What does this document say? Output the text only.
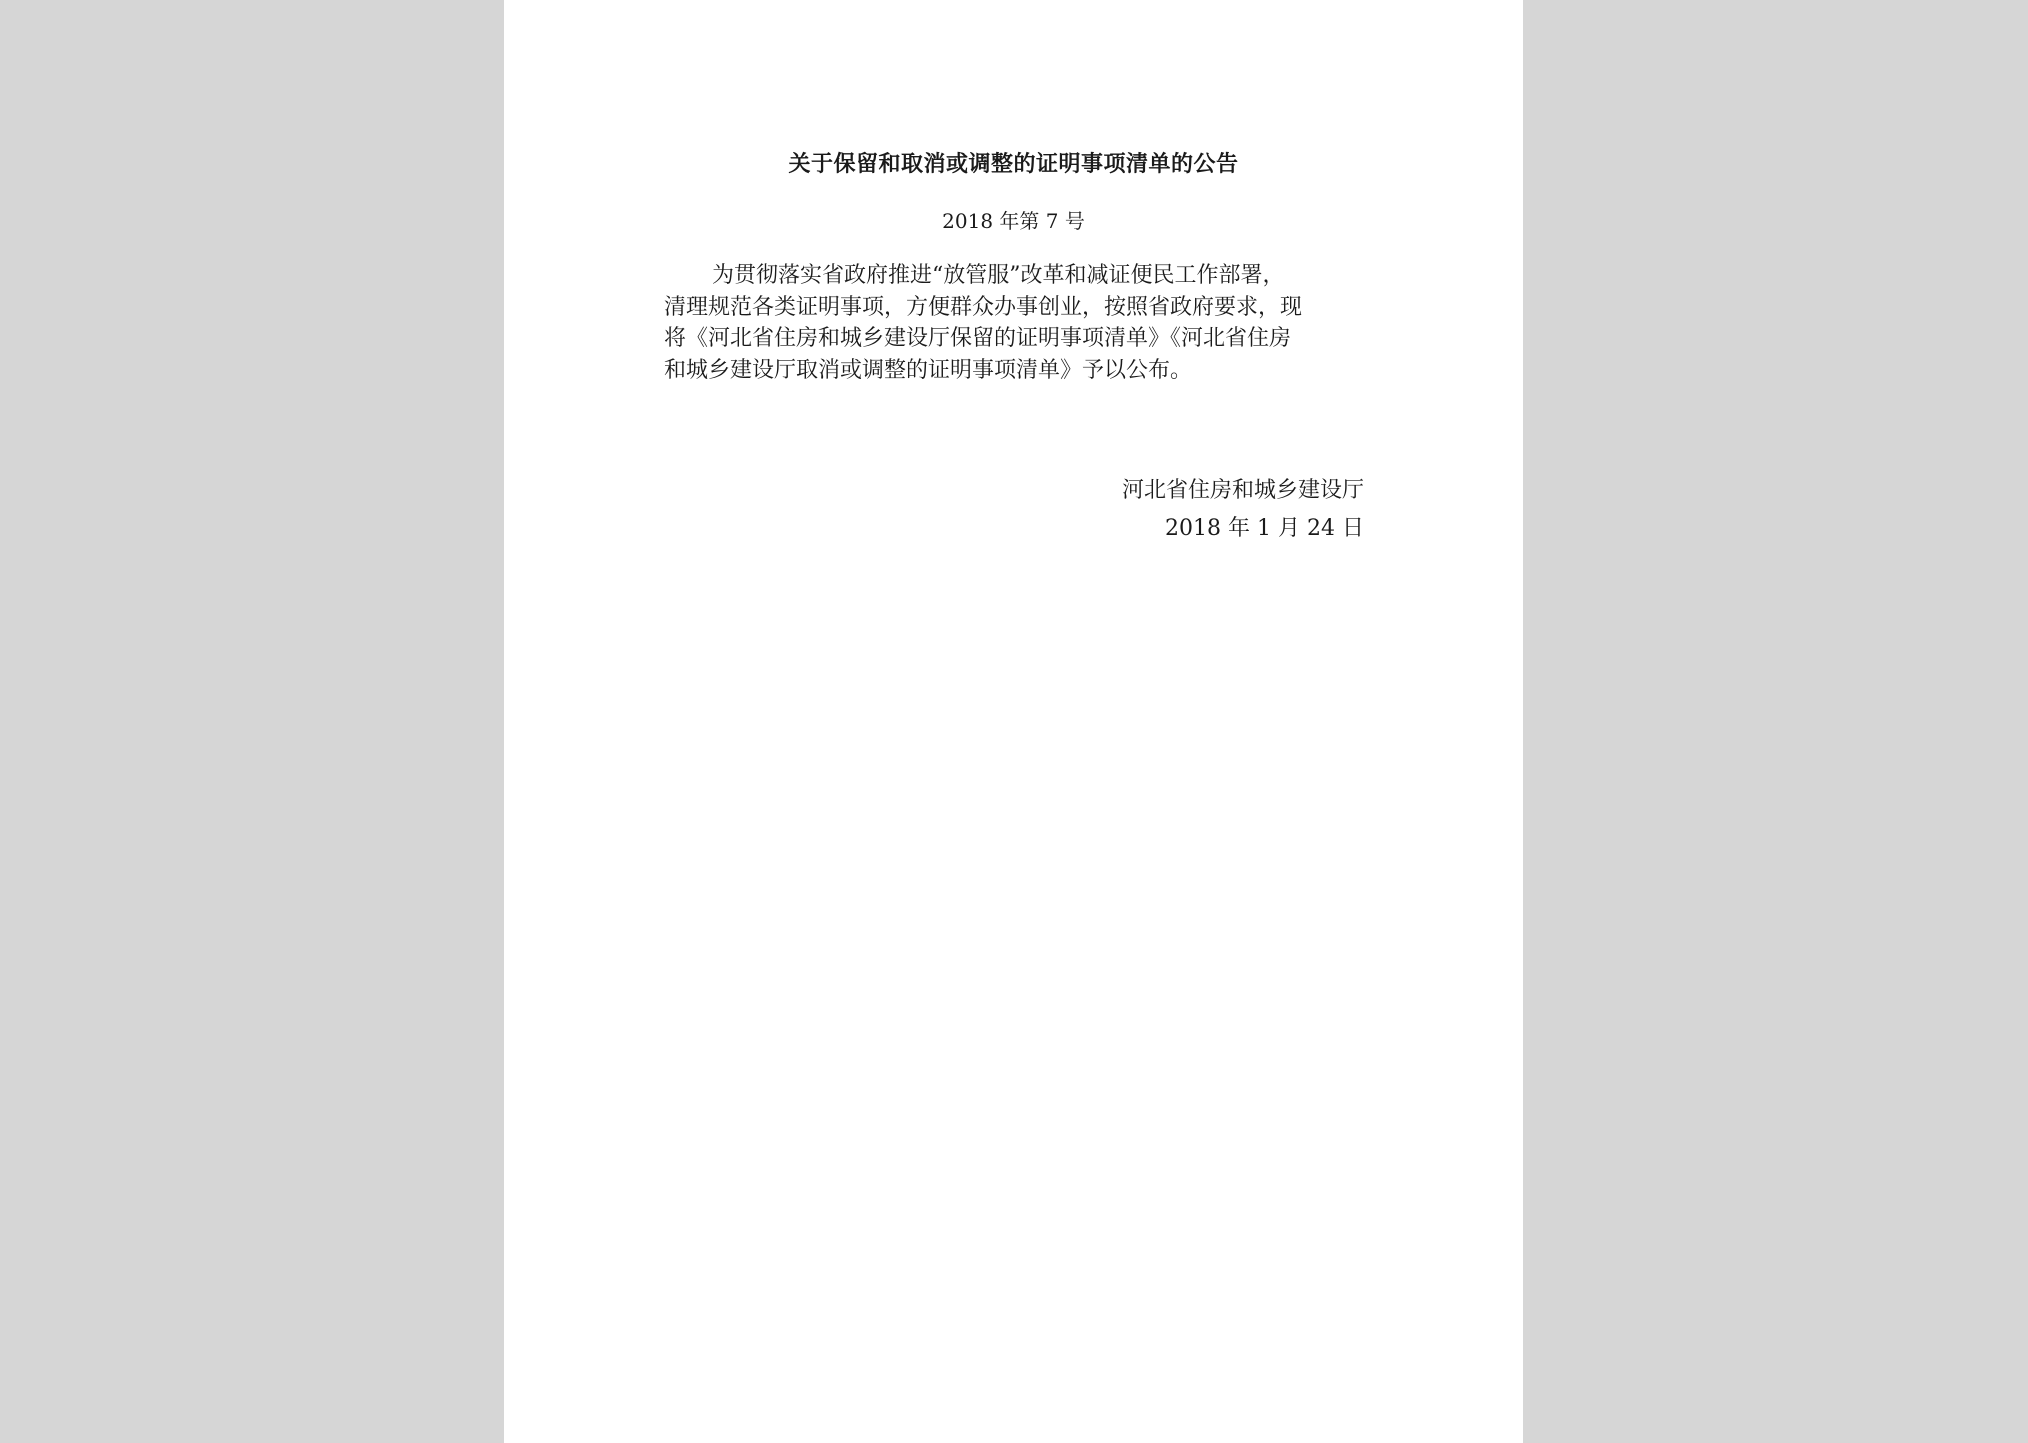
关于保留和取消或调整的证明事项清单的公告
2018 年第 7 号
为贯彻落实省政府推进“放管服”改革和减证便民工作部署，
清理规范各类证明事项，方便群众办事创业，按照省政府要求，现
将《河北省住房和城乡建设厅保留的证明事项清单》《河北省住房
和城乡建设厅取消或调整的证明事项清单》予以公布。
河北省住房和城乡建设厅
2018 年 1 月 24 日
